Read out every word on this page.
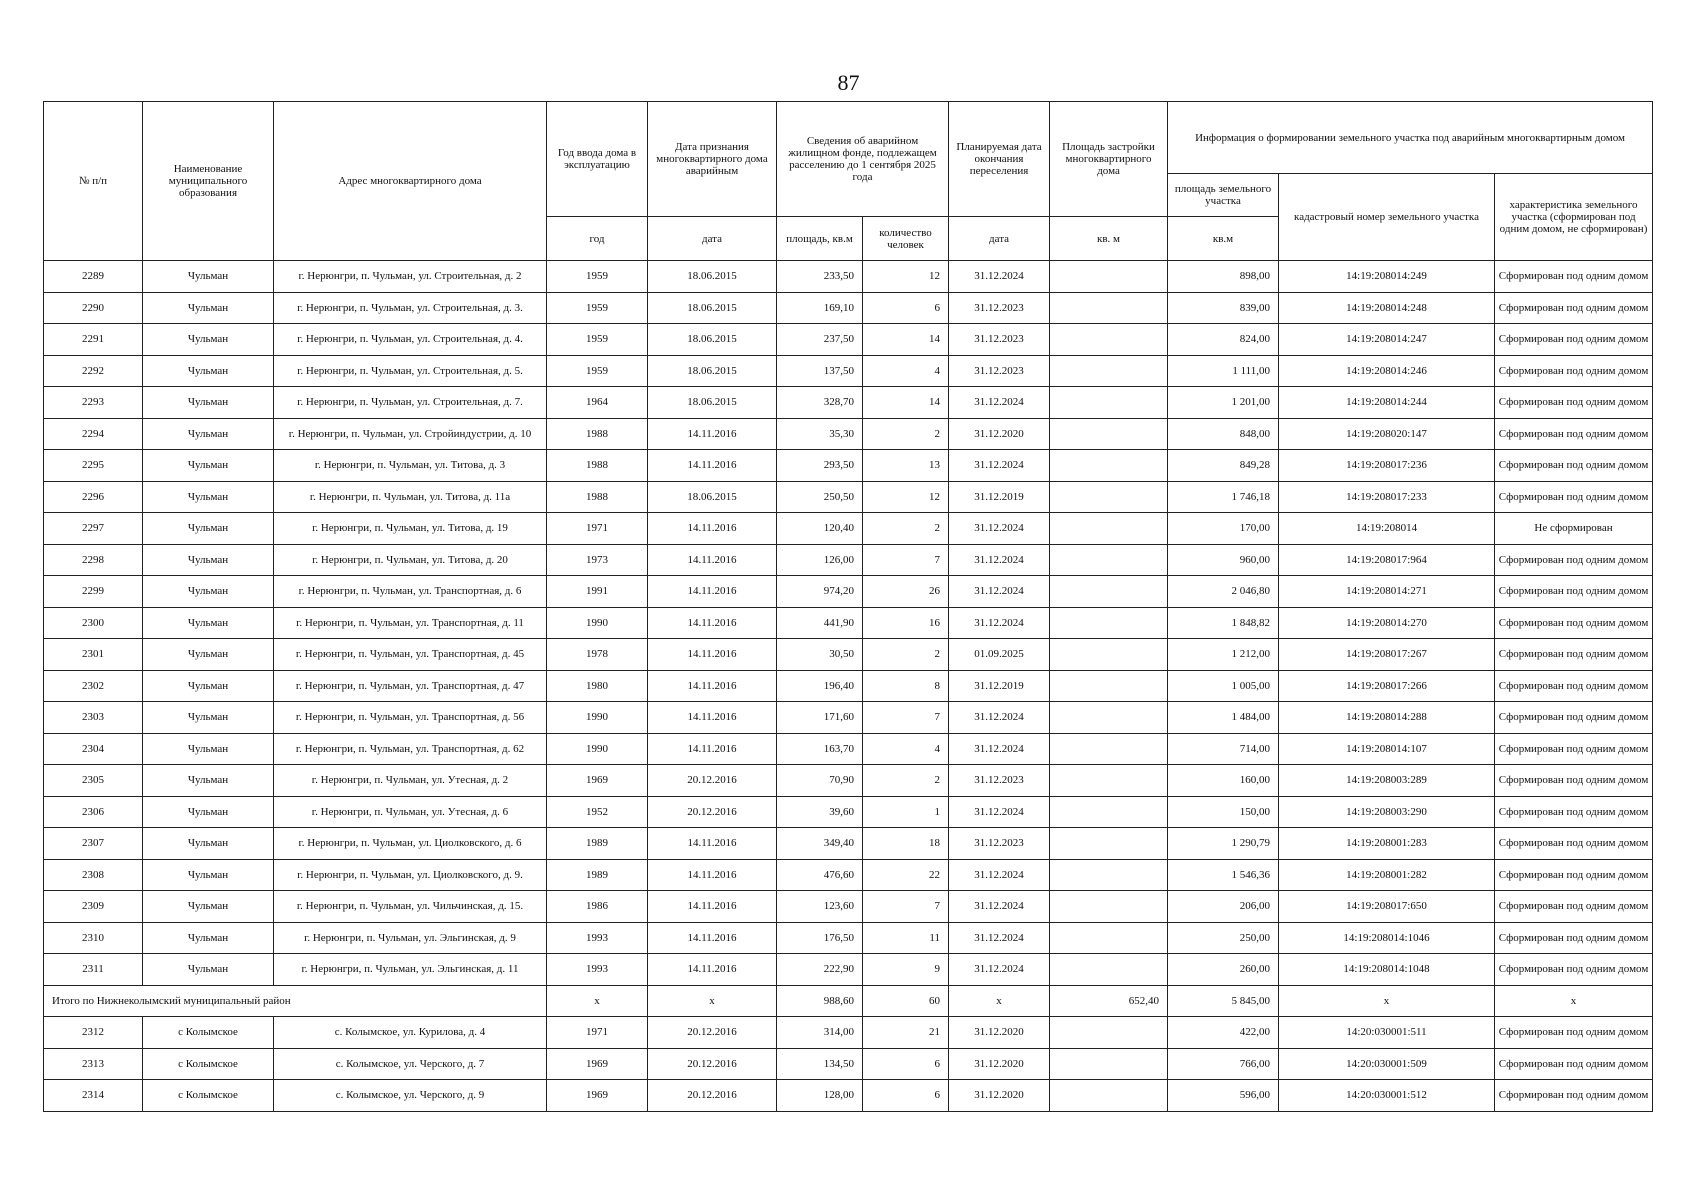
87
№ п/п	Наименование муниципального образования	Адрес многоквартирного дома	Год ввода дома в эксплуатацию	Дата признания многоквартирного дома аварийным	Сведения об аварийном жилищном фонде, подлежащем расселению до 1 сентября 2025 года		Планируемая дата окончания переселения	Площадь застройки многоквартирного дома	Информация о формировании земельного участка под аварийным многоквартирным домом		
									площадь земельного участка	кадастровый номер земельного участка	характеристика земельного участка (сформирован под одним домом, не сформирован)
			год	дата	площадь, кв.м	количество человек	дата	кв. м	кв.м		
2289	Чульман	г. Нерюнгри, п. Чульман, ул. Строительная, д. 2	1959	18.06.2015	233,50	12	31.12.2024		898,00	14:19:208014:249	Сформирован под одним домом
2290	Чульман	г. Нерюнгри, п. Чульман, ул. Строительная, д. 3.	1959	18.06.2015	169,10	6	31.12.2023		839,00	14:19:208014:248	Сформирован под одним домом
2291	Чульман	г. Нерюнгри, п. Чульман, ул. Строительная, д. 4.	1959	18.06.2015	237,50	14	31.12.2023		824,00	14:19:208014:247	Сформирован под одним домом
2292	Чульман	г. Нерюнгри, п. Чульман, ул. Строительная, д. 5.	1959	18.06.2015	137,50	4	31.12.2023		1 111,00	14:19:208014:246	Сформирован под одним домом
2293	Чульман	г. Нерюнгри, п. Чульман, ул. Строительная, д. 7.	1964	18.06.2015	328,70	14	31.12.2024		1 201,00	14:19:208014:244	Сформирован под одним домом
2294	Чульман	г. Нерюнгри, п. Чульман, ул. Стройиндустрии, д. 10	1988	14.11.2016	35,30	2	31.12.2020		848,00	14:19:208020:147	Сформирован под одним домом
2295	Чульман	г. Нерюнгри, п. Чульман, ул. Титова, д. 3	1988	14.11.2016	293,50	13	31.12.2024		849,28	14:19:208017:236	Сформирован под одним домом
2296	Чульман	г. Нерюнгри, п. Чульман, ул. Титова, д. 11а	1988	18.06.2015	250,50	12	31.12.2019		1 746,18	14:19:208017:233	Сформирован под одним домом
2297	Чульман	г. Нерюнгри, п. Чульман, ул. Титова, д. 19	1971	14.11.2016	120,40	2	31.12.2024		170,00	14:19:208014	Не сформирован
2298	Чульман	г. Нерюнгри, п. Чульман, ул. Титова, д. 20	1973	14.11.2016	126,00	7	31.12.2024		960,00	14:19:208017:964	Сформирован под одним домом
2299	Чульман	г. Нерюнгри, п. Чульман, ул. Транспортная, д. 6	1991	14.11.2016	974,20	26	31.12.2024		2 046,80	14:19:208014:271	Сформирован под одним домом
2300	Чульман	г. Нерюнгри, п. Чульман, ул. Транспортная, д. 11	1990	14.11.2016	441,90	16	31.12.2024		1 848,82	14:19:208014:270	Сформирован под одним домом
2301	Чульман	г. Нерюнгри, п. Чульман, ул. Транспортная, д. 45	1978	14.11.2016	30,50	2	01.09.2025		1 212,00	14:19:208017:267	Сформирован под одним домом
2302	Чульман	г. Нерюнгри, п. Чульман, ул. Транспортная, д. 47	1980	14.11.2016	196,40	8	31.12.2019		1 005,00	14:19:208017:266	Сформирован под одним домом
2303	Чульман	г. Нерюнгри, п. Чульман, ул. Транспортная, д. 56	1990	14.11.2016	171,60	7	31.12.2024		1 484,00	14:19:208014:288	Сформирован под одним домом
2304	Чульман	г. Нерюнгри, п. Чульман, ул. Транспортная, д. 62	1990	14.11.2016	163,70	4	31.12.2024		714,00	14:19:208014:107	Сформирован под одним домом
2305	Чульман	г. Нерюнгри, п. Чульман, ул. Утесная, д. 2	1969	20.12.2016	70,90	2	31.12.2023		160,00	14:19:208003:289	Сформирован под одним домом
2306	Чульман	г. Нерюнгри, п. Чульман, ул. Утесная, д. 6	1952	20.12.2016	39,60	1	31.12.2024		150,00	14:19:208003:290	Сформирован под одним домом
2307	Чульман	г. Нерюнгри, п. Чульман, ул. Циолковского, д. 6	1989	14.11.2016	349,40	18	31.12.2023		1 290,79	14:19:208001:283	Сформирован под одним домом
2308	Чульман	г. Нерюнгри, п. Чульман, ул. Циолковского, д. 9.	1989	14.11.2016	476,60	22	31.12.2024		1 546,36	14:19:208001:282	Сформирован под одним домом
2309	Чульман	г. Нерюнгри, п. Чульман, ул. Чильчинская, д. 15.	1986	14.11.2016	123,60	7	31.12.2024		206,00	14:19:208017:650	Сформирован под одним домом
2310	Чульман	г. Нерюнгри, п. Чульман, ул. Эльгинская, д. 9	1993	14.11.2016	176,50	11	31.12.2024		250,00	14:19:208014:1046	Сформирован под одним домом
2311	Чульман	г. Нерюнгри, п. Чульман, ул. Эльгинская, д. 11	1993	14.11.2016	222,90	9	31.12.2024		260,00	14:19:208014:1048	Сформирован под одним домом
Итого по Нижнеколымский муниципальный район			х	х	988,60	60	х	652,40	5 845,00	х	х
2312	с Колымское	с. Колымское, ул. Курилова, д. 4	1971	20.12.2016	314,00	21	31.12.2020		422,00	14:20:030001:511	Сформирован под одним домом
2313	с Колымское	с. Колымское, ул. Черского, д. 7	1969	20.12.2016	134,50	6	31.12.2020		766,00	14:20:030001:509	Сформирован под одним домом
2314	с Колымское	с. Колымское, ул. Черского, д. 9	1969	20.12.2016	128,00	6	31.12.2020		596,00	14:20:030001:512	Сформирован под одним домом
